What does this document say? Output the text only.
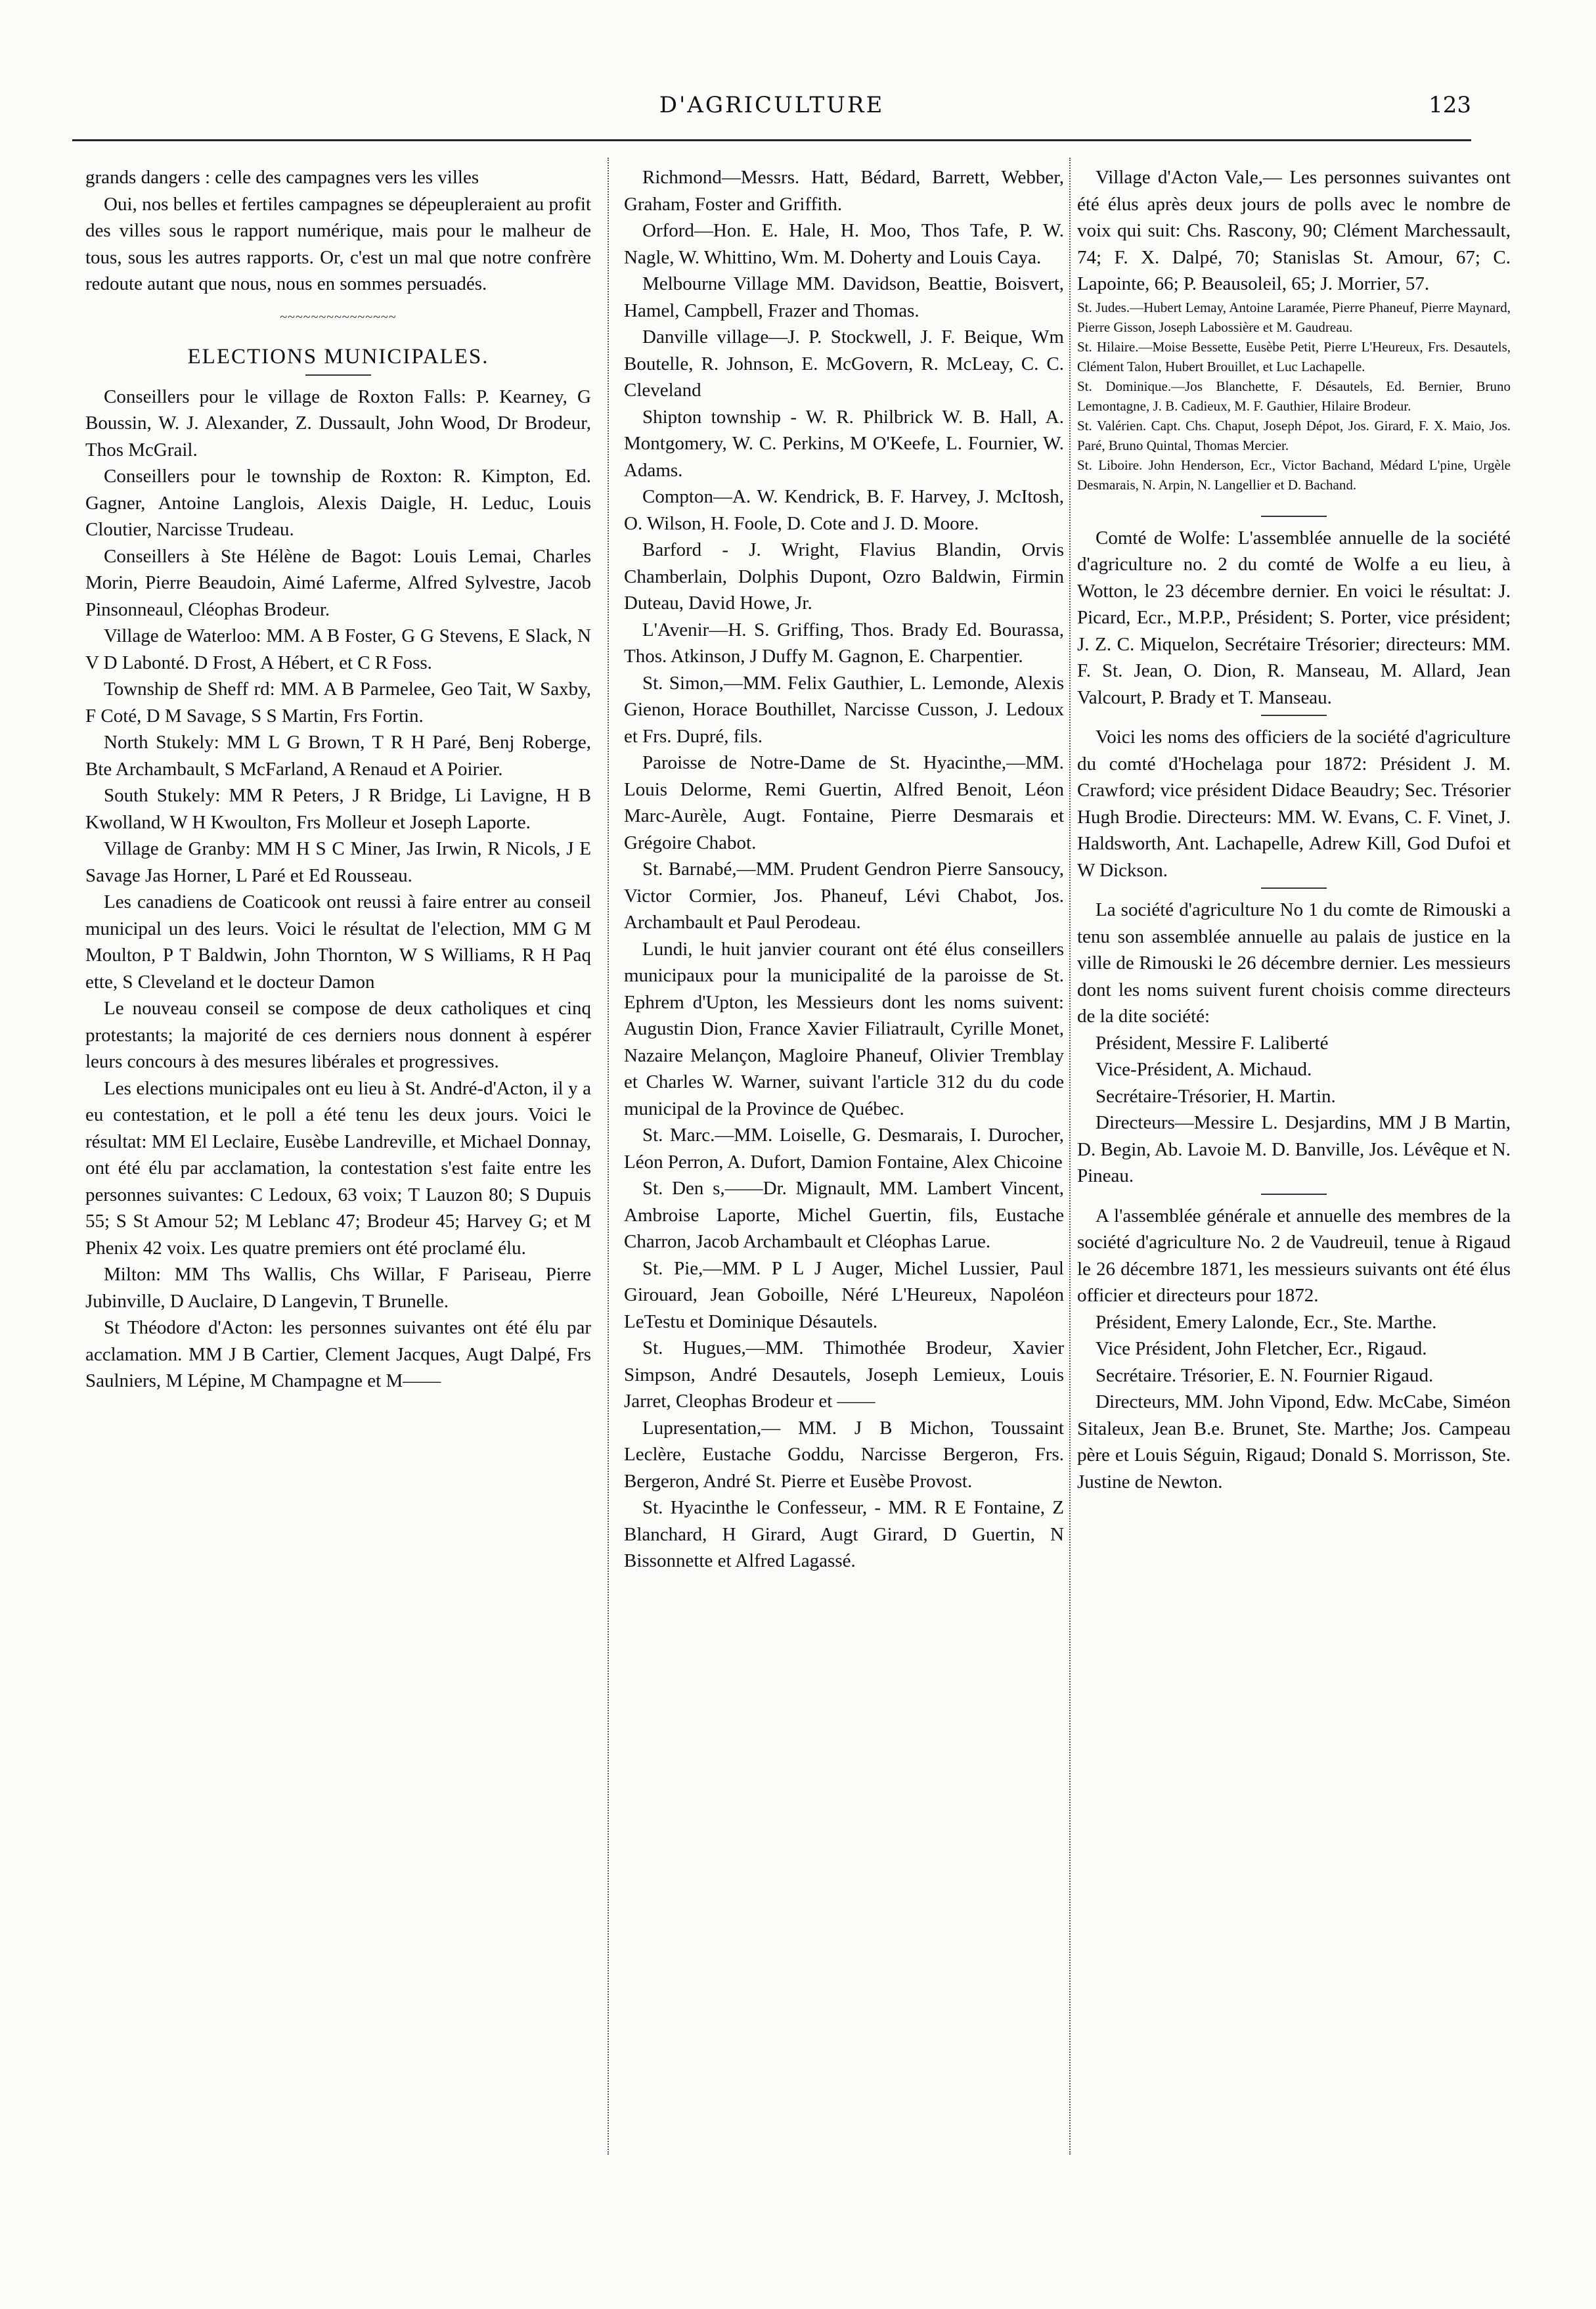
D'AGRICULTURE	123

grands dangers : celle des campagnes vers les villes

Oui, nos belles et fertiles campagnes se dépeupleraient au profit des villes sous le rapport numérique, mais pour le malheur de tous, sous les autres rapports. Or, c'est un mal que notre confrère redoute autant que nous, nous en sommes persuadés.

~~~~~~~~~~~~~~~

ELECTIONS MUNICIPALES.

Conseillers pour le village de Roxton Falls: P. Kearney, G Boussin, W. J. Alexander, Z. Dussault, John Wood, Dr Brodeur, Thos McGrail.

Conseillers pour le township de Roxton: R. Kimpton, Ed. Gagner, Antoine Langlois, Alexis Daigle, H. Leduc, Louis Cloutier, Narcisse Trudeau.

Conseillers à Ste Hélène de Bagot: Louis Lemai, Charles Morin, Pierre Beaudoin, Aimé Laferme, Alfred Sylvestre, Jacob Pinsonneaul, Cléophas Brodeur.

Village de Waterloo: MM. A B Foster, G G Stevens, E Slack, N V D Labonté. D Frost, A Hébert, et C R Foss.

Township de Sheff rd: MM. A B Parmelee, Geo Tait, W Saxby, F Coté, D M Savage, S S Martin, Frs Fortin.

North Stukely: MM L G Brown, T R H Paré, Benj Roberge, Bte Archambault, S McFarland, A Renaud et A Poirier.

South Stukely: MM R Peters, J R Bridge, Li Lavigne, H B Kwolland, W H Kwoulton, Frs Molleur et Joseph Laporte.

Village de Granby: MM H S C Miner, Jas Irwin, R Nicols, J E Savage Jas Horner, L Paré et Ed Rousseau.

Les canadiens de Coaticook ont reussi à faire entrer au conseil municipal un des leurs. Voici le résultat de l'election, MM G M Moulton, P T Baldwin, John Thornton, W S Williams, R H Paq ette, S Cleveland et le docteur Damon

Le nouveau conseil se compose de deux catholiques et cinq protestants; la majorité de ces derniers nous donnent à espérer leurs concours à des mesures libérales et progressives.

Les elections municipales ont eu lieu à St. André-d'Acton, il y a eu contestation, et le poll a été tenu les deux jours. Voici le résultat: MM El Leclaire, Eusèbe Landreville, et Michael Donnay, ont été élu par acclamation, la contestation s'est faite entre les personnes suivantes: C Ledoux, 63 voix; T Lauzon 80; S Dupuis 55; S St Amour 52; M Leblanc 47; Brodeur 45; Harvey G; et M Phenix 42 voix. Les quatre premiers ont été proclamé élu.

Milton: MM Ths Wallis, Chs Willar, F Pariseau, Pierre Jubinville, D Auclaire, D Langevin, T Brunelle.

St Théodore d'Acton: les personnes suivantes ont été élu par acclamation. MM J B Cartier, Clement Jacques, Augt Dalpé, Frs Saulniers, M Lépine, M Champagne et M——

Richmond—Messrs. Hatt, Bédard, Barrett, Webber, Graham, Foster and Griffith.

Orford—Hon. E. Hale, H. Moo, Thos Tafe, P. W. Nagle, W. Whittino, Wm. M. Doherty and Louis Caya.

Melbourne Village MM. Davidson, Beattie, Boisvert, Hamel, Campbell, Frazer and Thomas.

Danville village—J. P. Stockwell, J. F. Beique, Wm Boutelle, R. Johnson, E. McGovern, R. McLeay, C. C. Cleveland

Shipton township - W. R. Philbrick W. B. Hall, A. Montgomery, W. C. Perkins, M O'Keefe, L. Fournier, W. Adams.

Compton—A. W. Kendrick, B. F. Harvey, J. McItosh, O. Wilson, H. Foole, D. Cote and J. D. Moore.

Barford - J. Wright, Flavius Blandin, Orvis Chamberlain, Dolphis Dupont, Ozro Baldwin, Firmin Duteau, David Howe, Jr.

L'Avenir—H. S. Griffing, Thos. Brady Ed. Bourassa, Thos. Atkinson, J Duffy M. Gagnon, E. Charpentier.

St. Simon,—MM. Felix Gauthier, L. Lemonde, Alexis Gienon, Horace Bouthillet, Narcisse Cusson, J. Ledoux et Frs. Dupré, fils.

Paroisse de Notre-Dame de St. Hyacinthe,—MM. Louis Delorme, Remi Guertin, Alfred Benoit, Léon Marc-Aurèle, Augt. Fontaine, Pierre Desmarais et Grégoire Chabot.

St. Barnabé,—MM. Prudent Gendron Pierre Sansoucy, Victor Cormier, Jos. Phaneuf, Lévi Chabot, Jos. Archambault et Paul Perodeau.

Lundi, le huit janvier courant ont été élus conseillers municipaux pour la municipalité de la paroisse de St. Ephrem d'Upton, les Messieurs dont les noms suivent: Augustin Dion, France Xavier Filiatrault, Cyrille Monet, Nazaire Melançon, Magloire Phaneuf, Olivier Tremblay et Charles W. Warner, suivant l'article 312 du du code municipal de la Province de Québec.

St. Marc.—MM. Loiselle, G. Desmarais, I. Durocher, Léon Perron, A. Dufort, Damion Fontaine, Alex Chicoine

St. Den s,——Dr. Mignault, MM. Lambert Vincent, Ambroise Laporte, Michel Guertin, fils, Eustache Charron, Jacob Archambault et Cléophas Larue.

St. Pie,—MM. P L J Auger, Michel Lussier, Paul Girouard, Jean Goboille, Néré L'Heureux, Napoléon LeTestu et Dominique Désautels.

St. Hugues,—MM. Thimothée Brodeur, Xavier Simpson, André Desautels, Joseph Lemieux, Louis Jarret, Cleophas Brodeur et ——

Lupresentation,— MM. J B Michon, Toussaint Leclère, Eustache Goddu, Narcisse Bergeron, Frs. Bergeron, André St. Pierre et Eusèbe Provost.

St. Hyacinthe le Confesseur, - MM. R E Fontaine, Z Blanchard, H Girard, Augt Girard, D Guertin, N Bissonnette et Alfred Lagassé.

Village d'Acton Vale,— Les personnes suivantes ont été élus après deux jours de polls avec le nombre de voix qui suit: Chs. Rascony, 90; Clément Marchessault, 74; F. X. Dalpé, 70; Stanislas St. Amour, 67; C. Lapointe, 66; P. Beausoleil, 65; J. Morrier, 57.

St. Judes.—Hubert Lemay, Antoine Laramée, Pierre Phaneuf, Pierre Maynard, Pierre Gisson, Joseph Labossière et M. Gaudreau.

St. Hilaire.—Moise Bessette, Eusèbe Petit, Pierre L'Heureux, Frs. Desautels, Clément Talon, Hubert Brouillet, et Luc Lachapelle.

St. Dominique.—Jos Blanchette, F. Désautels, Ed. Bernier, Bruno Lemontagne, J. B. Cadieux, M. F. Gauthier, Hilaire Brodeur.

St. Valérien. Capt. Chs. Chaput, Joseph Dépot, Jos. Girard, F. X. Maio, Jos. Paré, Bruno Quintal, Thomas Mercier.

St. Liboire. John Henderson, Ecr., Victor Bachand, Médard L'pine, Urgèle Desmarais, N. Arpin, N. Langellier et D. Bachand.

Comté de Wolfe: L'assemblée annuelle de la société d'agriculture no. 2 du comté de Wolfe a eu lieu, à Wotton, le 23 décembre dernier. En voici le résultat: J. Picard, Ecr., M.P.P., Président; S. Porter, vice président; J. Z. C. Miquelon, Secrétaire Trésorier; directeurs: MM. F. St. Jean, O. Dion, R. Manseau, M. Allard, Jean Valcourt, P. Brady et T. Manseau.

Voici les noms des officiers de la société d'agriculture du comté d'Hochelaga pour 1872: Président J. M. Crawford; vice président Didace Beaudry; Sec. Trésorier Hugh Brodie. Directeurs: MM. W. Evans, C. F. Vinet, J. Haldsworth, Ant. Lachapelle, Adrew Kill, God Dufoi et W Dickson.

La société d'agriculture No 1 du comte de Rimouski a tenu son assemblée annuelle au palais de justice en la ville de Rimouski le 26 décembre dernier. Les messieurs dont les noms suivent furent choisis comme directeurs de la dite société:

Président, Messire F. Laliberté

Vice-Président, A. Michaud.

Secrétaire-Trésorier, H. Martin.

Directeurs—Messire L. Desjardins, MM J B Martin, D. Begin, Ab. Lavoie M. D. Banville, Jos. Lévêque et N. Pineau.

A l'assemblée générale et annuelle des membres de la société d'agriculture No. 2 de Vaudreuil, tenue à Rigaud le 26 décembre 1871, les messieurs suivants ont été élus officier et directeurs pour 1872.

Président, Emery Lalonde, Ecr., Ste. Marthe.

Vice Président, John Fletcher, Ecr., Rigaud.

Secrétaire. Trésorier, E. N. Fournier Rigaud.

Directeurs, MM. John Vipond, Edw. McCabe, Siméon Sitaleux, Jean B.e. Brunet, Ste. Marthe; Jos. Campeau père et Louis Séguin, Rigaud; Donald S. Morrisson, Ste. Justine de Newton.
